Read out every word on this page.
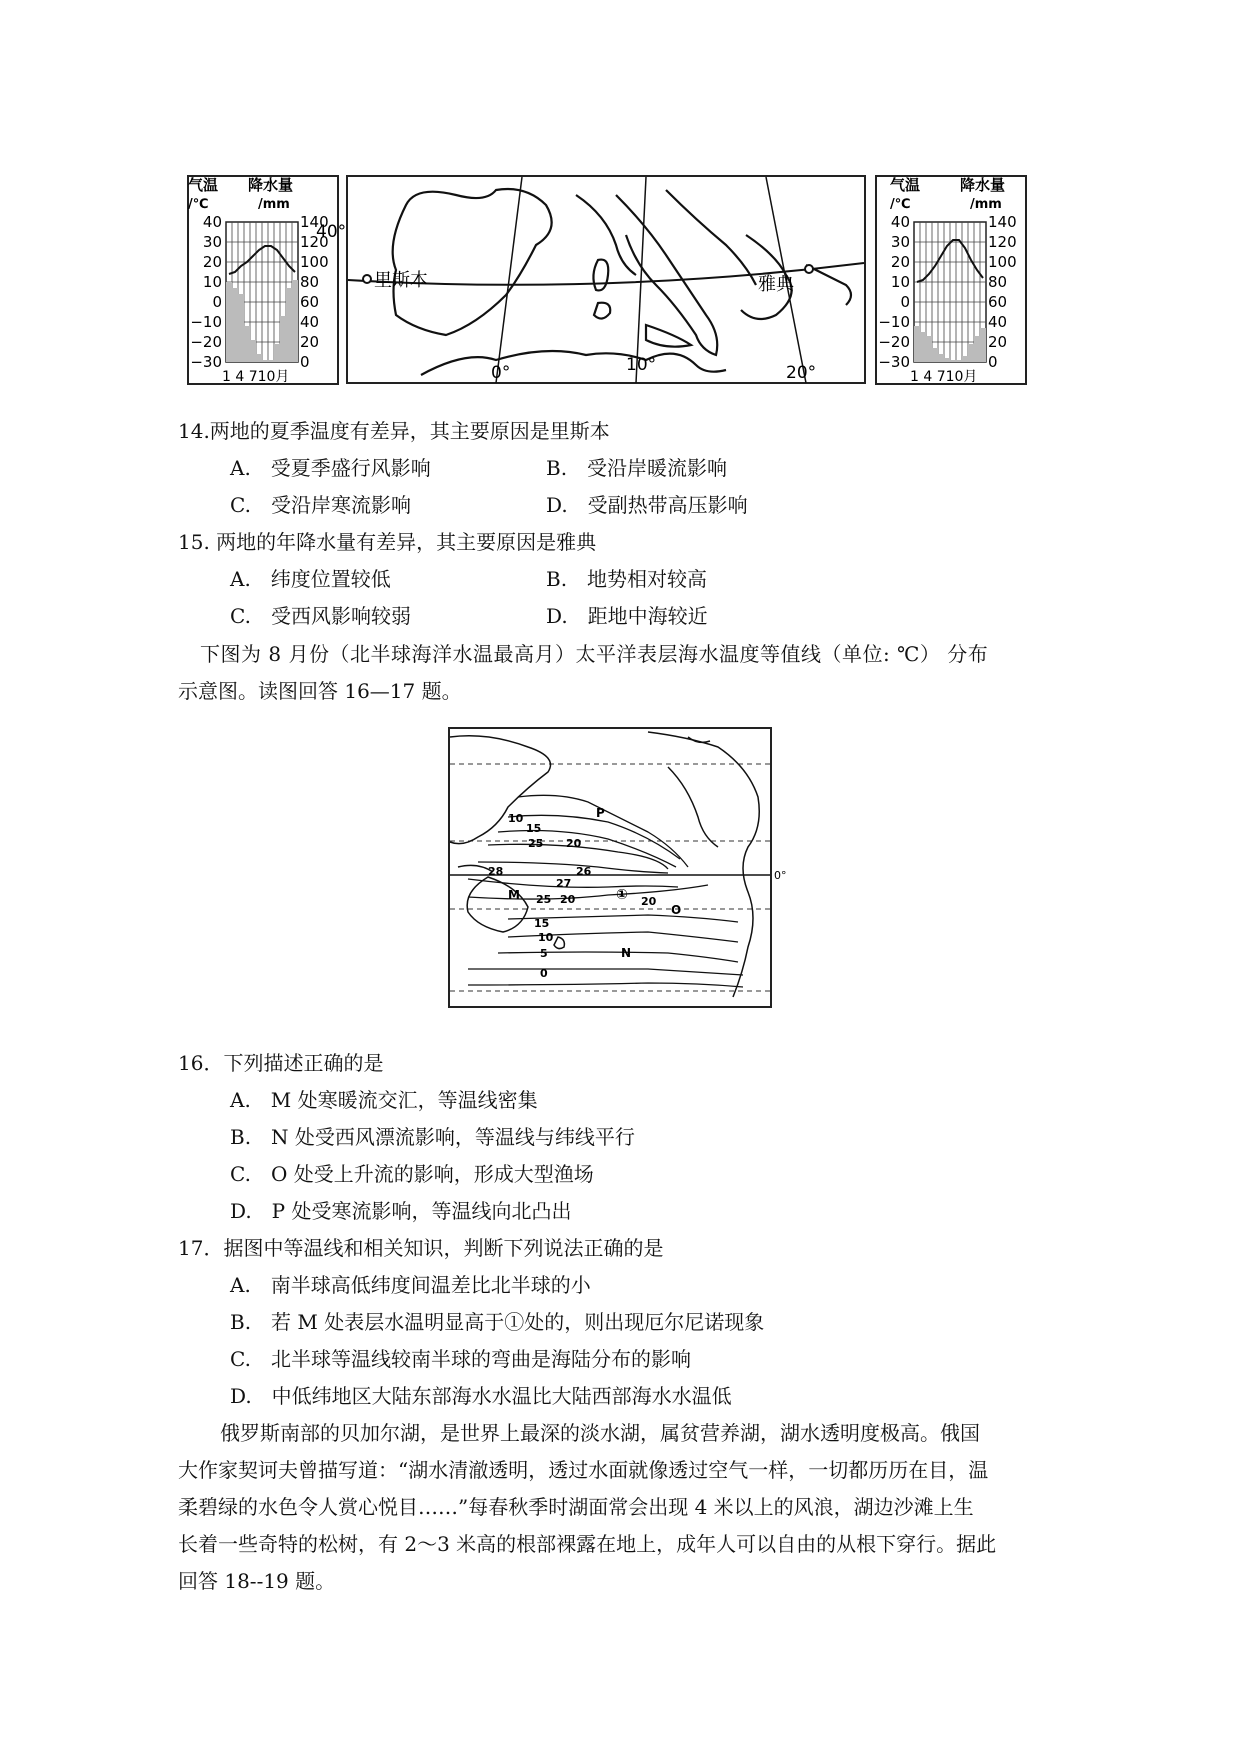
气温
/℃
降水量
/mm
40
30
20
10
0
−10
−20
−30
140
120
100
80
60
40
20
0
1 4 710月
40°
里斯本	雅典
0°	10°	20°
气温
/℃
降水量
/mm
40
30
20
10
0
−10
−20
−30
140
120
100
80
60
40
20
0
1 4 710月
14.两地的夏季温度有差异，其主要原因是里斯本
A.　受夏季盛行风影响	B.　受沿岸暖流影响
C.　受沿岸寒流影响	D.　受副热带高压影响
15. 两地的年降水量有差异，其主要原因是雅典
A.　纬度位置较低	B.　地势相对较高
C.　受西风影响较弱	D.　距地中海较近
下图为 8 月份（北半球海洋水温最高月）太平洋表层海水温度等值线（单位: ℃） 分布
示意图。读图回答 16—17 题。
10
15
20
25
28	26
27
25 20	20
15
10
5
0
P
M
N
O
①
0°
16．下列描述正确的是
A.　M 处寒暖流交汇，等温线密集
B.　N 处受西风漂流影响，等温线与纬线平行
C.　O 处受上升流的影响，形成大型渔场
D.　P 处受寒流影响，等温线向北凸出
17．据图中等温线和相关知识，判断下列说法正确的是
A.　南半球高低纬度间温差比北半球的小
B.　若 M 处表层水温明显高于①处的，则出现厄尔尼诺现象
C.　北半球等温线较南半球的弯曲是海陆分布的影响
D.　中低纬地区大陆东部海水水温比大陆西部海水水温低
俄罗斯南部的贝加尔湖，是世界上最深的淡水湖，属贫营养湖，湖水透明度极高。俄国
大作家契诃夫曾描写道：“湖水清澈透明，透过水面就像透过空气一样，一切都历历在目，温
柔碧绿的水色令人赏心悦目……”每春秋季时湖面常会出现 4 米以上的风浪，湖边沙滩上生
长着一些奇特的松树，有 2～3 米高的根部裸露在地上，成年人可以自由的从根下穿行。据此
回答 18--19 题。
